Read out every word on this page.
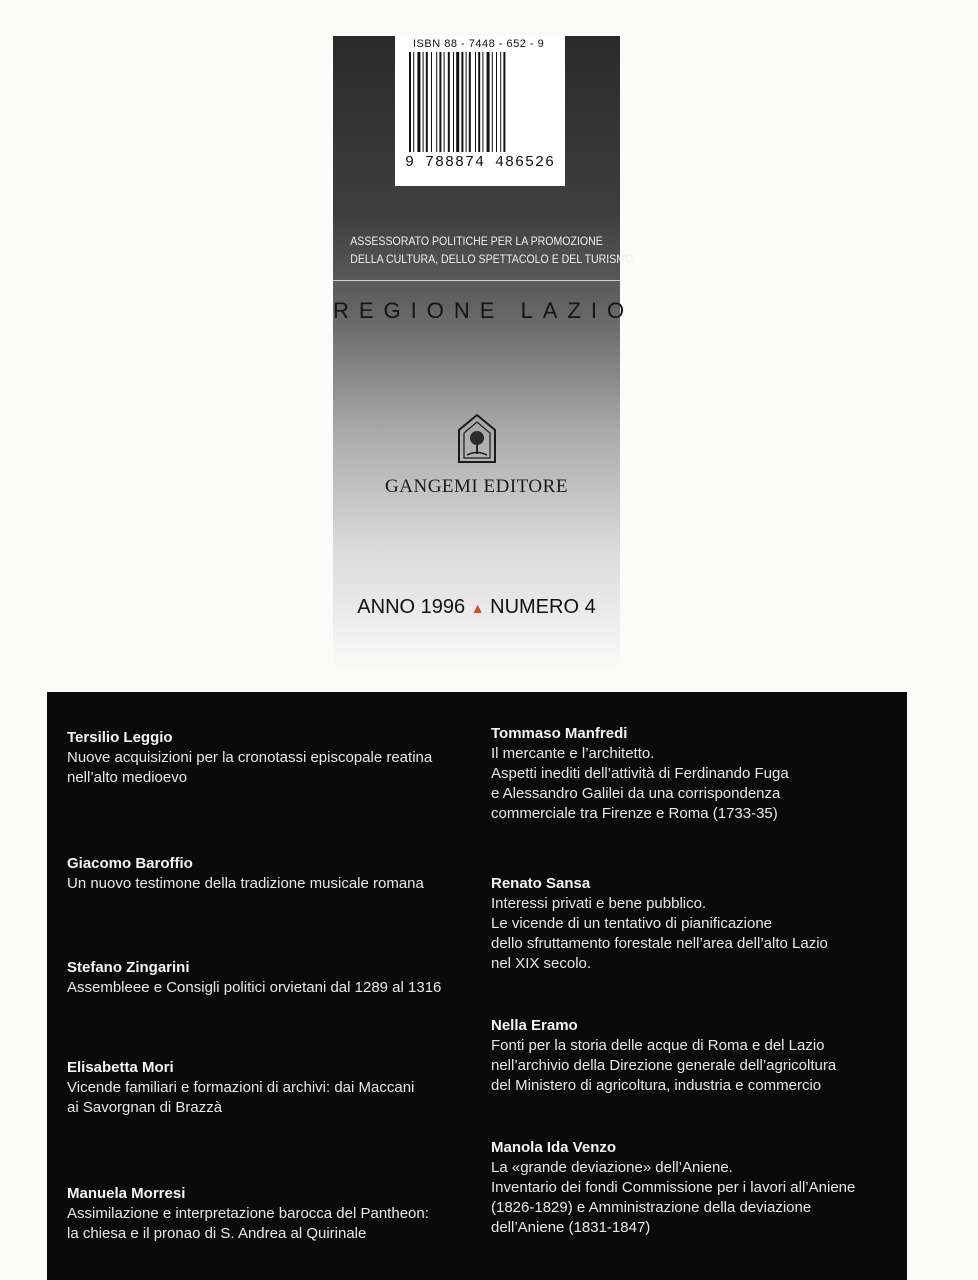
ISBN 88 - 7448 - 652 - 9
9 788874 486526
ASSESSORATO POLITICHE PER LA PROMOZIONE
DELLA CULTURA, DELLO SPETTACOLO E DEL TURISMO
REGIONE LAZIO
GANGEMI EDITORE
ANNO 1996 ▲ NUMERO 4
Tersilio Leggio
Nuove acquisizioni per la cronotassi episcopale reatina
nell’alto medioevo
Giacomo Baroffio
Un nuovo testimone della tradizione musicale romana
Stefano Zingarini
Assembleee e Consigli politici orvietani dal 1289 al 1316
Elisabetta Mori
Vicende familiari e formazioni di archivi: dai Maccani
ai Savorgnan di Brazzà
Manuela Morresi
Assimilazione e interpretazione barocca del Pantheon:
la chiesa e il pronao di S. Andrea al Quirinale
Tommaso Manfredi
Il mercante e l’architetto.
Aspetti inediti dell’attività di Ferdinando Fuga
e Alessandro Galilei da una corrispondenza
commerciale tra Firenze e Roma (1733-35)
Renato Sansa
Interessi privati e bene pubblico.
Le vicende di un tentativo di pianificazione
dello sfruttamento forestale nell’area dell’alto Lazio
nel XIX secolo.
Nella Eramo
Fonti per la storia delle acque di Roma e del Lazio
nell’archivio della Direzione generale dell’agricoltura
del Ministero di agricoltura, industria e commercio
Manola Ida Venzo
La «grande deviazione» dell’Aniene.
Inventario dei fondi Commissione per i lavori all’Aniene
(1826-1829) e Amministrazione della deviazione
dell’Aniene (1831-1847)
